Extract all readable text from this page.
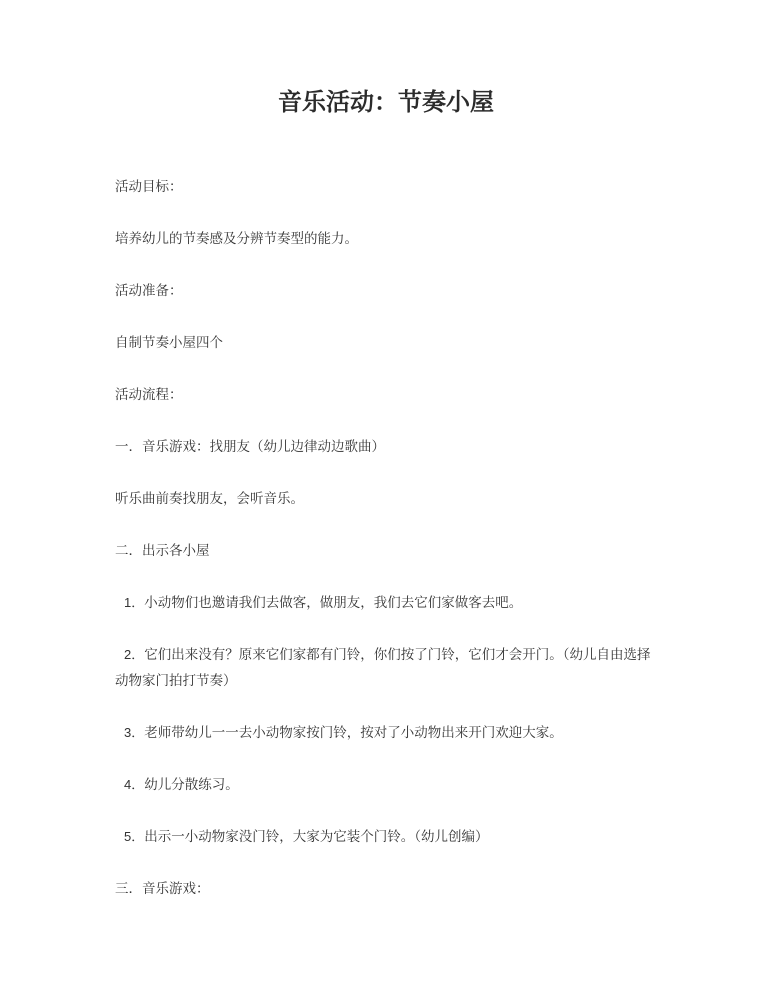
音乐活动：节奏小屋

活动目标：

培养幼儿的节奏感及分辨节奏型的能力。

活动准备：

自制节奏小屋四个

活动流程：

一．音乐游戏：找朋友（幼儿边律动边歌曲）

听乐曲前奏找朋友，会听音乐。

二．出示各小屋

1．小动物们也邀请我们去做客，做朋友，我们去它们家做客去吧。

2．它们出来没有？原来它们家都有门铃，你们按了门铃，它们才会开门。（幼儿自由选择动物家门拍打节奏）

3．老师带幼儿一一去小动物家按门铃，按对了小动物出来开门欢迎大家。

4．幼儿分散练习。

5．出示一小动物家没门铃，大家为它装个门铃。（幼儿创编）

三．音乐游戏：
